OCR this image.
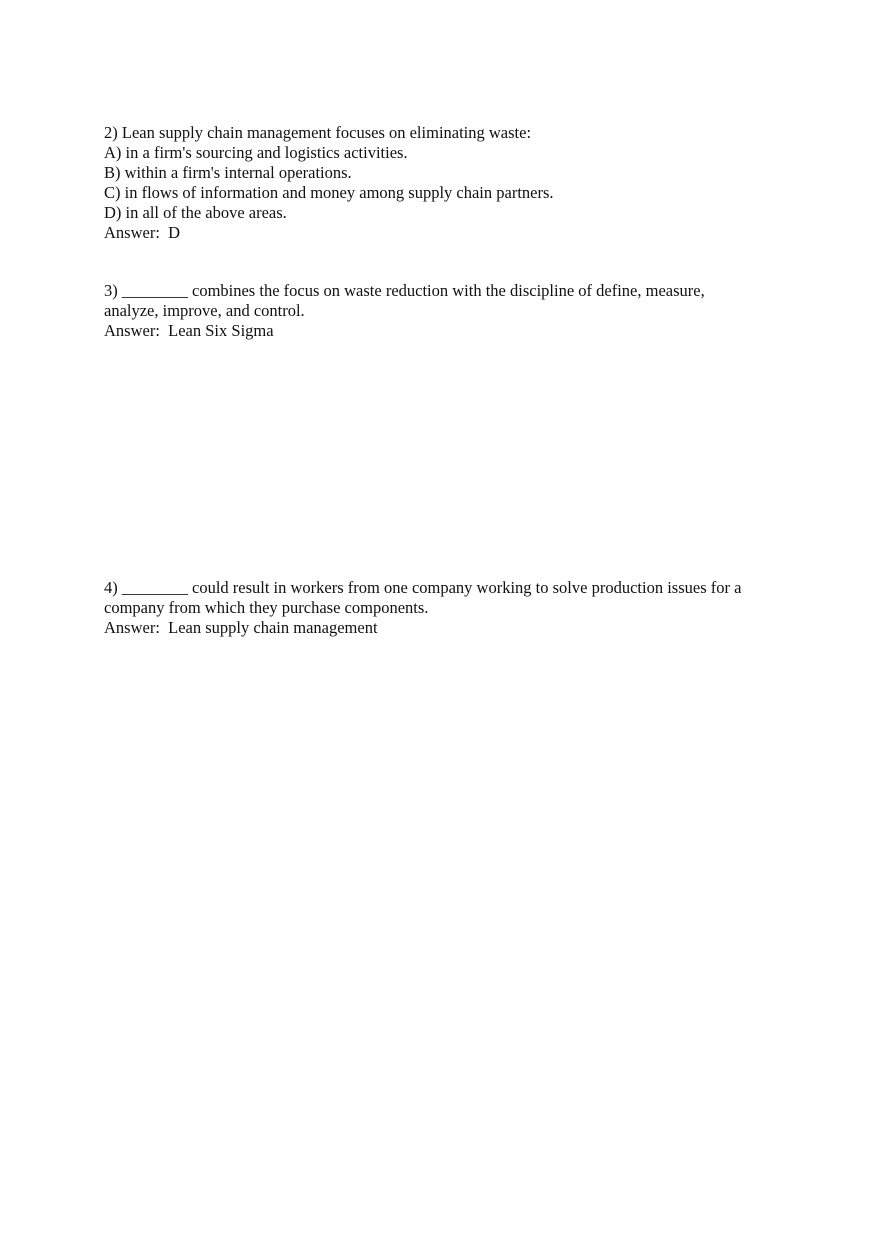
2) Lean supply chain management focuses on eliminating waste:
A) in a firm's sourcing and logistics activities.
B) within a firm's internal operations.
C) in flows of information and money among supply chain partners.
D) in all of the above areas.
Answer:  D
3) ________ combines the focus on waste reduction with the discipline of define, measure,
analyze, improve, and control.
Answer:  Lean Six Sigma
4) ________ could result in workers from one company working to solve production issues for a
company from which they purchase components.
Answer:  Lean supply chain management
